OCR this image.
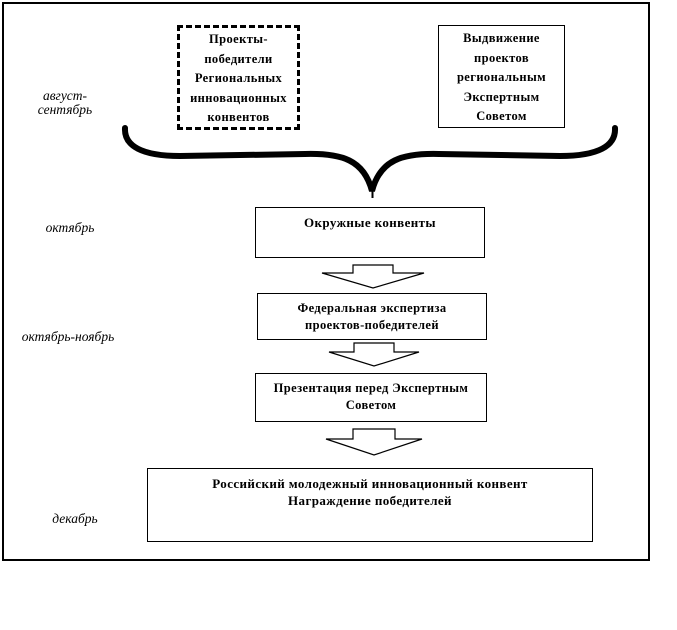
август-
сентябрь
октябрь
октябрь-ноябрь
декабрь
Проекты-
победители
Региональных
инновационных
конвентов
Выдвижение
проектов
региональным
Экспертным
Советом
Окружные конвенты
Федеральная экспертиза
проектов-победителей
Презентация перед Экспертным
Советом
Российский молодежный инновационный конвент
Награждение победителей
